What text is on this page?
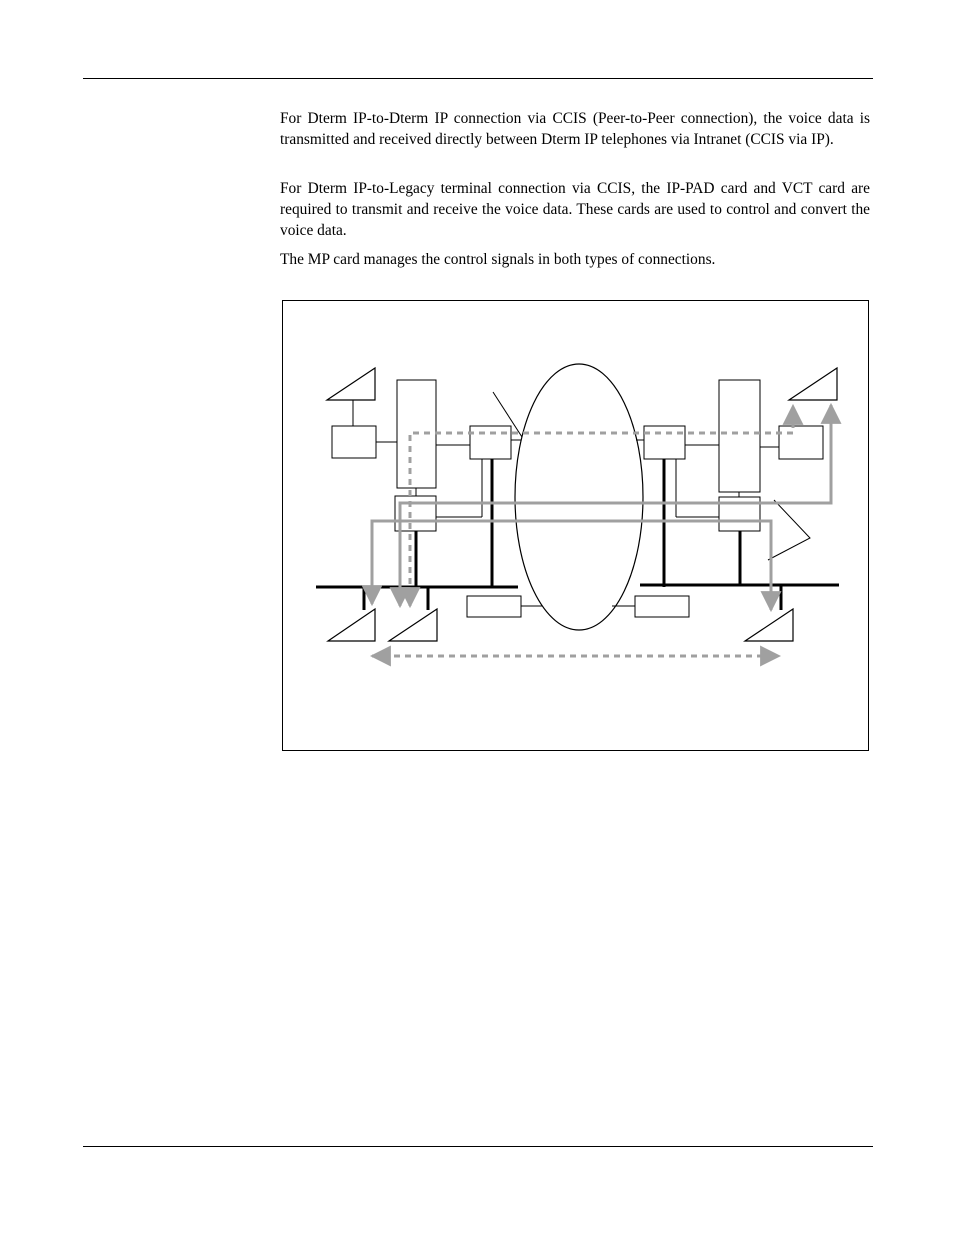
For Dterm IP-to-Dterm IP connection via CCIS (Peer-to-Peer connection), the voice data is transmitted and received directly between Dterm IP telephones via Intranet (CCIS via IP).

For Dterm IP-to-Legacy terminal connection via CCIS, the IP-PAD card and VCT card are required to transmit and receive the voice data. These cards are used to control and convert the voice data.

The MP card manages the control signals in both types of connections.
